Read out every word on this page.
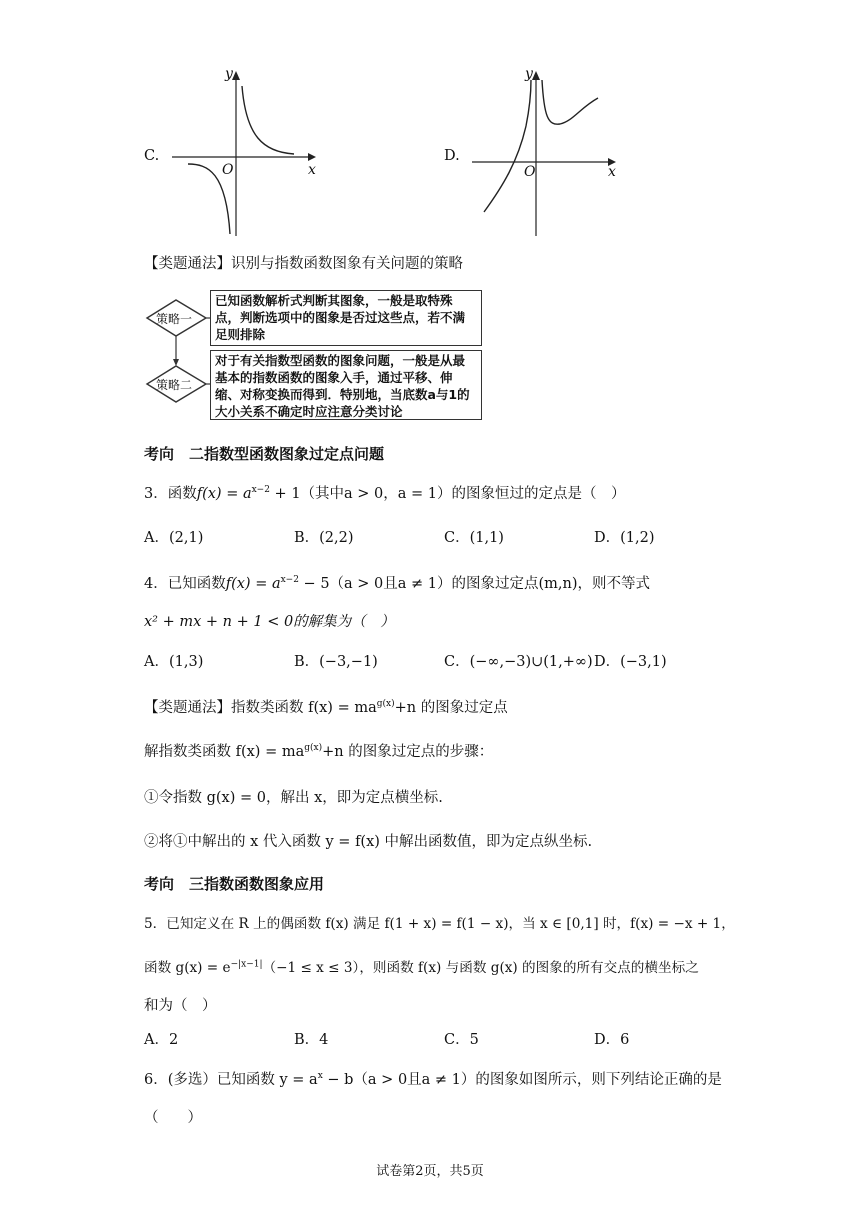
C.
y
x
O
D.
y
x
O
【类题通法】识别与指数函数图象有关问题的策略
策略一
策略二
已知函数解析式判断其图象，一般是取特殊点，判断选项中的图象是否过这些点，若不满足则排除
对于有关指数型函数的图象问题，一般是从最基本的指数函数的图象入手，通过平移、伸缩、对称变换而得到．特别地，当底数a与1的大小关系不确定时应注意分类讨论
考向　二指数型函数图象过定点问题
3．函数$f(x) = a^{x-2} + 1$（其中a > 0，a = 1）的图象恒过的定点是（　）
A．(2,1)	B．(2,2)	C．(1,1)	D．(1,2)
4．已知函数$f(x) = a^{x-2} - 5(a > 0$且a ≠ 1）的图象过定点(m,n)，则不等式
x² + mx + n + 1 < 0的解集为（　）
A．(1,3)	B．(−3,−1)	C．(−∞,−3)∪(1,+∞) D．(−3,1)
【类题通法】指数类函数 $f(x) = ma^{g(x)}+n$ 的图象过定点
解指数类函数 $f(x) = ma^{g(x)}+n$ 的图象过定点的步骤：
①令指数 g(x) = 0，解出 x，即为定点横坐标.
②将①中解出的 x 代入函数 y = f(x) 中解出函数值，即为定点纵坐标.
考向　三指数函数图象应用
5．已知定义在 R 上的偶函数 f(x) 满足 f(1 + x) = f(1 − x)，当 x ∈ [0,1] 时，f(x) = −x + 1，
函数 $g(x) = e^{-|x-1|}(-1 \le x \le 3)$，则函数 f(x) 与函数 g(x) 的图象的所有交点的横坐标之
和为（　）
A．2	B．4	C．5	D．6
6．(多选）已知函数 $y = a^x - b(a > 0$且a ≠ 1）的图象如图所示，则下列结论正确的是
（　　）
试卷第2页，共5页
